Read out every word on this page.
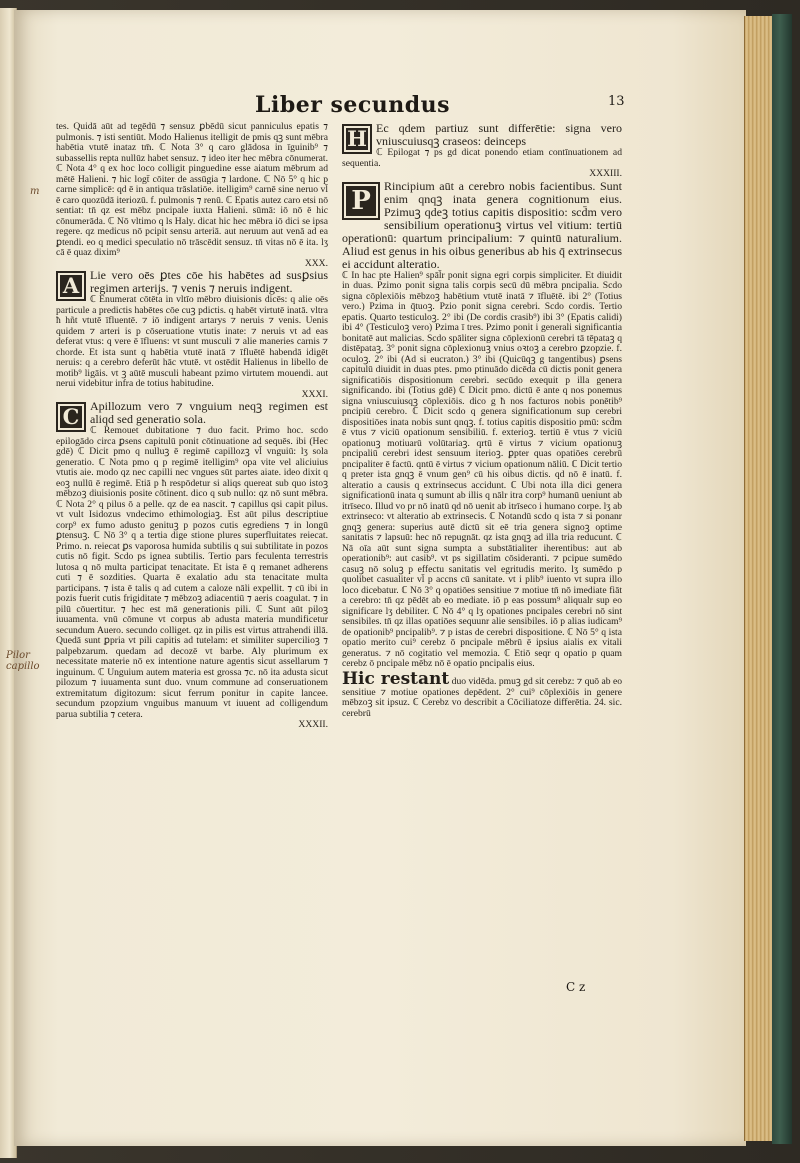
Liber secundus	13
m
Pilor capillo

tes. Quidā aūt ad tegēdū ⁊ sensuz ꝑbēdū sicut panniculus epatis ⁊ pulmonis. ⁊ isti sentiūt. Modo Halienus itelligit de pmis qꝫ sunt mēbra habētia vtutē inataz tm̄. ℂ Nota 3° q caro glādosa in īguinib⁹ ⁊ subassellis repta nullūz habet sensuz. ⁊ ideo iter hec mēbra cōnumerat. ℂ Nota 4° q ex hoc loco colligit pinguedine esse aiatum mēbrum ad mētē Halieni. ⁊ hic logt̄ cōiter de assūgia ⁊ lardone. ℂ Nō 5° q hic p carne simplicē: qd ē in antiqua trāslatiōe. itelligim⁹ carnē sine neruo vl̄ ē caro quozūdā iteriozū. f. pulmonis ⁊ renū. ℂ Epatis autez caro etsi nō sentiat: tn̄ qz est mēbz pncipale iuxta Halieni. sūmā: iō nō ē hic cōnumerāda. ℂ Nō vltimo q ls Haly. dicat hic hec mēbra iō dici se ipsa regere. qz medicus nō pcipit sensu arteriā. aut neruum aut venā ad ea ꝑtendi. eo q medici speculatio nō trāscēdit sensuz. tn̄ vitas nō ē ita. lʒ cā ē quaz dixim⁹

XXX.
A Lie vero oēs ꝑtes cōe his habētes ad susꝑsius regimen arterijs. ⁊ venis ⁊ neruis indigent.

ℂ Enumerat cōtēta in vltīo mēbro diuisionis dicēs: q alie oēs particule a predictis habētes cōe cuꝫ pdictis. q habēt virtutē inatā. vltra ħ hñt vtutē īfluentē. ⁊ iō indigent artarys ⁊ neruis ⁊ venis. Uenis quidem ⁊ arteri is p cōseruatione vtutis inate: ⁊ neruis vt ad eas deferat vtus: q vere ē īfluens: vt sunt musculi ⁊ alie maneries carnis ⁊ chorde. Et ista sunt q habētia vtutē inatā ⁊ īfluētē habendā idigēt neruis: q a cerebro deferūt hāc vtutē. vt ostēdit Halienus in libello de motib⁹ ligāis. vt ꝫ aūtē musculi habeant pzimo virtutem mouendi. aut nerui videbitur infra de totius habitudine.

XXXI.
C Apillozum vero ⁊ vnguium neqꝫ regimen est aliqd sed generatio sola.

ℂ Remouet dubitatione ⁊ duo facit. Primo hoc. scdo epilogādo circa ꝑsens capitulū ponit cōtinuatione ad sequēs. ibi (Hec gdē) ℂ Dicit pmo q nulluꝫ ē regimē capillozꝫ vl̄ vnguiū: lʒ sola generatio. ℂ Nota pmo q p regimē itelligim⁹ opa vite vel aliciuius vtutis aie. modo qz nec capilli nec vngues sūt partes aiate. ideo dixit q eoꝫ nullū ē regimē. Etiā p ħ respōdetur si aliqs quereat sub quo istoꝫ mēbzoꝫ diuisionis posite cōtinent. dico q sub nullo: qz nō sunt mēbra. ℂ Nota 2° q pilus ō a pelle. qz de ea nascit. ⁊ capillus qsi capit pilus. vt vult Isidozus vndecimo ethimologiaꝫ. Est aūt pilus descriptiue corp⁹ ex fumo adusto genituꝫ p pozos cutis egrediens ⁊ in longū ꝑtensuꝫ. ℂ Nō 3° q a tertia dige stione plures superfluitates reiecat. Primo. n. reiecat ꝑs vaporosa humida subtilis q sui subtilitate in pozos cutis nō figit. Scdo ps ignea subtilis. Tertio pars feculenta terrestris lutosa q nō multa participat tenacitate. Et ista ē q remanet adherens cuti ⁊ ē sozdities. Quarta ē exalatio adu sta tenacitate multa participans. ⁊ ista ē talis q ad cutem a caloze nāli expellit. ⁊ cū ibi in pozis fuerit cutis frigiditate ⁊ mēbzoꝫ adiacentiū ⁊ aeris coagulat. ⁊ in pilū cōuertitur. ⁊ hec est mā generationis pili. ℂ Sunt aūt piloꝫ iuuamenta. vnū cōmune vt corpus ab adusta materia mundificetur secundum Auero. secundo colliget. qz in pilis est virtus attrahendi illā. Quedā sunt ꝑpria vt pili capitis ad tutelam: et similiter supercilioꝫ ⁊ palpebzarum. quedam ad decozē vt barbe. Aly plurimum ex necessitate materie nō ex intentione nature agentis sicut assellarum ⁊ inguinum. ℂ Unguium autem materia est grossa ⁊c. nō ita adusta sicut pilozum ⁊ iuuamenta sunt duo. vnum commune ad conseruationem extremitatum digitozum: sicut ferrum ponitur in capite lancee. secundum pzopzium vnguibus manuum vt iuuent ad colligendum parua subtilia ⁊ cetera.

XXXII.
H Ec qdem partiuz sunt differētie: signa vero vniuscuiusqꝫ craseos: deinceps

ℂ Epilogat ⁊ ps gd dicat ponendo etiam contīnuationem ad sequentia.

XXXIII.
P	Rincipium aūt a cerebro nobis facientibus. Sunt enim qnqꝫ inata genera cognitionum eius. Pzimuꝫ qdeꝫ totius capitis dispositio: scd̄m vero sensibilium operationuꝫ virtus vel vitium: tertiū operationū: quartum principalium: ⁊ quintū naturalium. Aliud est genus in his oibus generibus ab his q̄ extrinsecus ei accidunt alteratio.

ℂ In hac pte Halien⁹ spāl̄r ponit signa egri corpis simpliciter. Et diuidit in duas. Pzimo ponit signa talis corpis secū dū mēbra pncipalia. Scdo signa cōplexiōis mēbzoꝫ habētium vtutē inatā ⁊ īfluētē. ibi 2° (Totius vero.) Pzima in q̄tuoꝫ. Pzio ponit signa cerebri. Scdo cordis. Tertio epatis. Quarto testiculoꝫ. 2° ibi (De cordis crasib⁹) ibi 3° (Epatis calidi) ibi 4° (Testiculoꝫ vero) Pzima ī tres. Pzimo ponit i generali significantia bonitatē aut malicias. Scdo spāliter signa cōplexionū cerebri tā tēpataꝫ q distēpataꝫ. 3° ponit signa cōplexionuꝫ vnius oꝛtoꝫ a cerebro ꝑzopzie. f. oculoꝫ. 2° ibi (Ad si eucraton.) 3° ibi (Quicūqꝫ g tangentibus) ꝑsens capitulū diuidit in duas ptes. pmo ptinuādo dicēda cū dictis ponit genera significatiōis dispositionum cerebri. secūdo exequit p illa genera significando. ibi (Totius gdē) ℂ Dicit pmo. dictū ē ante q nos ponemus signa vniuscuiusqꝫ cōplexiōis. dico g ħ nos facturos nobis ponētib⁹ pncipiū cerebro. ℂ Dicit scdo q genera significationum sup cerebri dispositiōes inata nobis sunt qnqꝫ. f. totius capitis dispositio pmū: scd̄m ē vtus ⁊ viciū opationum sensibiliū. f. exterioꝫ. tertiū ē vtus ⁊ viciū opationuꝫ motiuarū volūtariaꝫ. qrtū ē virtus ⁊ vicium opationuꝫ pncipaliū cerebri idest sensuum iterioꝫ. ꝑpter quas opatiōes cerebrū pncipaliter ē factū. qntū ē virtus ⁊ vicium opationum nāliū. ℂ Dicit tertio q preter ista gnqꝫ ē vnum gen⁹ cū his oibus dictis. qd nō ē inatū. f. alteratio a causis q extrinsecus accidunt. ℂ Ubi nota illa dici genera significationū inata q sumunt ab illis q nālr itra corp⁹ humanū ueniunt ab itrīseco. Illud vo pr nō inatū qd nō uenit ab itrīseco i humano corpe. lʒ ab extrinseco: vt alteratio ab extrinsecis. ℂ Notandū scdo q ista ⁊ si ponanr gnqꝫ genera: superius autē dictū sit eē tria genera signoꝫ optime sanitatis ⁊ lapsuū: hec nō repugnāt. qz ista gnqꝫ ad illa tria reducunt. ℂ Nā oīa aūt sunt signa sumpta a substātialiter iherentibus: aut ab operationib⁹: aut casib⁹. vt ps sigillatim cōsideranti. ⁊ pcipue sumēdo casuꝫ nō soluꝫ p effectu sanitatis vel egritudis merito. lʒ sumēdo p quolibet casualiter vl̄ p accns cū sanitate. vt i plib⁹ iuento vt supra illo loco dicebatur. ℂ Nō 3° q opatiōes sensitiue ⁊ motiue tn̄ nō imediate fiāt a cerebro: tn̄ qz pēdēt ab eo mediate. iō p eas possum⁹ aliqualr sup eo significare lʒ debiliter. ℂ Nō 4° q lʒ opationes pncipales cerebri nō sint sensibiles. tn̄ qz illas opatiōes sequunr alie sensibiles. iō p alias iudicam⁹ de opationib⁹ pncipalib⁹. ⁊ p istas de cerebri dispositione. ℂ Nō 5° q ista opatio merito cui⁹ cerebz ō pncipale mēbrū ē ipsius aialis ex vitali generatus. ⁊ nō cogitatio vel memozia. ℂ Etiō seqr q opatio p quam cerebz ō pncipale mēbz nō ē opatio pncipalis eius.

Hic restant duo vidēda. pmuꝫ gd sit cerebz: ⁊ quō ab eo sensitiue ⁊ motiue opationes depēdent. 2° cui⁹ cōplexiōis in genere mēbzoꝫ sit ipsuz. ℂ Cerebz vo describit a Cōciliatoze differētia. 24. sic. cerebrū
C z
